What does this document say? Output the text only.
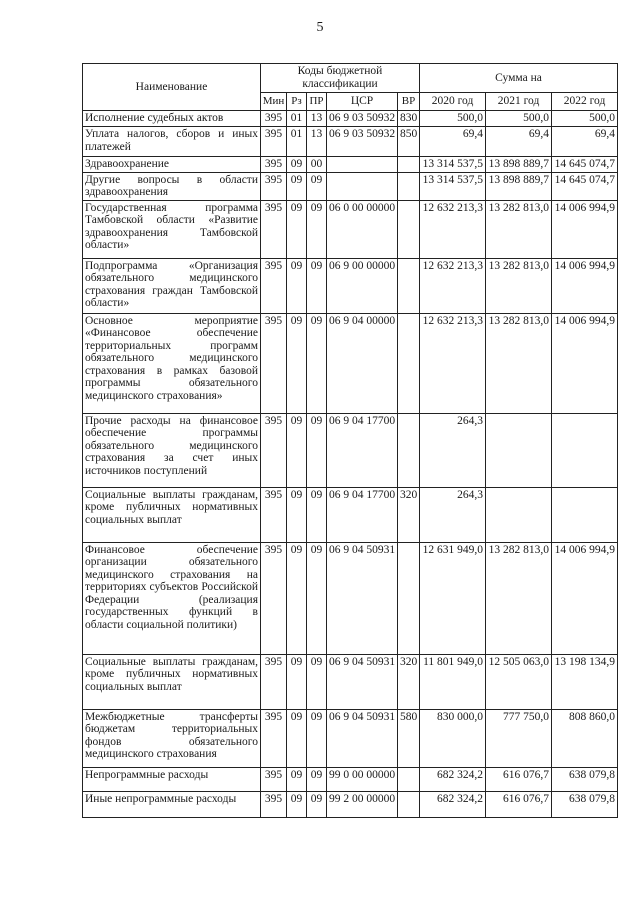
5
Наименование	Коды бюджетной классификации					Сумма на		
	Мин	Рз	ПР	ЦСР	ВР	2020 год	2021 год	2022 год
Исполнение судебных актов	395	01	13	06 9 03 50932	830	500,0	500,0	500,0
Уплата налогов, сборов и иных платежей	395	01	13	06 9 03 50932	850	69,4	69,4	69,4
Здравоохранение	395	09	00			13 314 537,5	13 898 889,7	14 645 074,7
Другие вопросы в области здравоохранения	395	09	09			13 314 537,5	13 898 889,7	14 645 074,7
Государственная программа Тамбовской области «Развитие здравоохранения Тамбовской области»	395	09	09	06 0 00 00000		12 632 213,3	13 282 813,0	14 006 994,9
Подпрограмма «Организация обязательного медицинского страхования граждан Тамбовской области»	395	09	09	06 9 00 00000		12 632 213,3	13 282 813,0	14 006 994,9
Основное мероприятие «Финансовое обеспечение территориальных программ обязательного медицинского страхования в рамках базовой программы обязательного медицинского страхования»	395	09	09	06 9 04 00000		12 632 213,3	13 282 813,0	14 006 994,9
Прочие расходы на финансовое обеспечение программы обязательного медицинского страхования за счет иных источников поступлений	395	09	09	06 9 04 17700		264,3		
Социальные выплаты гражданам, кроме публичных нормативных социальных выплат	395	09	09	06 9 04 17700	320	264,3		
Финансовое обеспечение организации обязательного медицинского страхования на территориях субъектов Российской Федерации (реализация государственных функций в области социальной политики)	395	09	09	06 9 04 50931		12 631 949,0	13 282 813,0	14 006 994,9
Социальные выплаты гражданам, кроме публичных нормативных социальных выплат	395	09	09	06 9 04 50931	320	11 801 949,0	12 505 063,0	13 198 134,9
Межбюджетные трансферты бюджетам территориальных фондов обязательного медицинского страхования	395	09	09	06 9 04 50931	580	830 000,0	777 750,0	808 860,0
Непрограммные расходы	395	09	09	99 0 00 00000		682 324,2	616 076,7	638 079,8
Иные непрограммные расходы	395	09	09	99 2 00 00000		682 324,2	616 076,7	638 079,8
